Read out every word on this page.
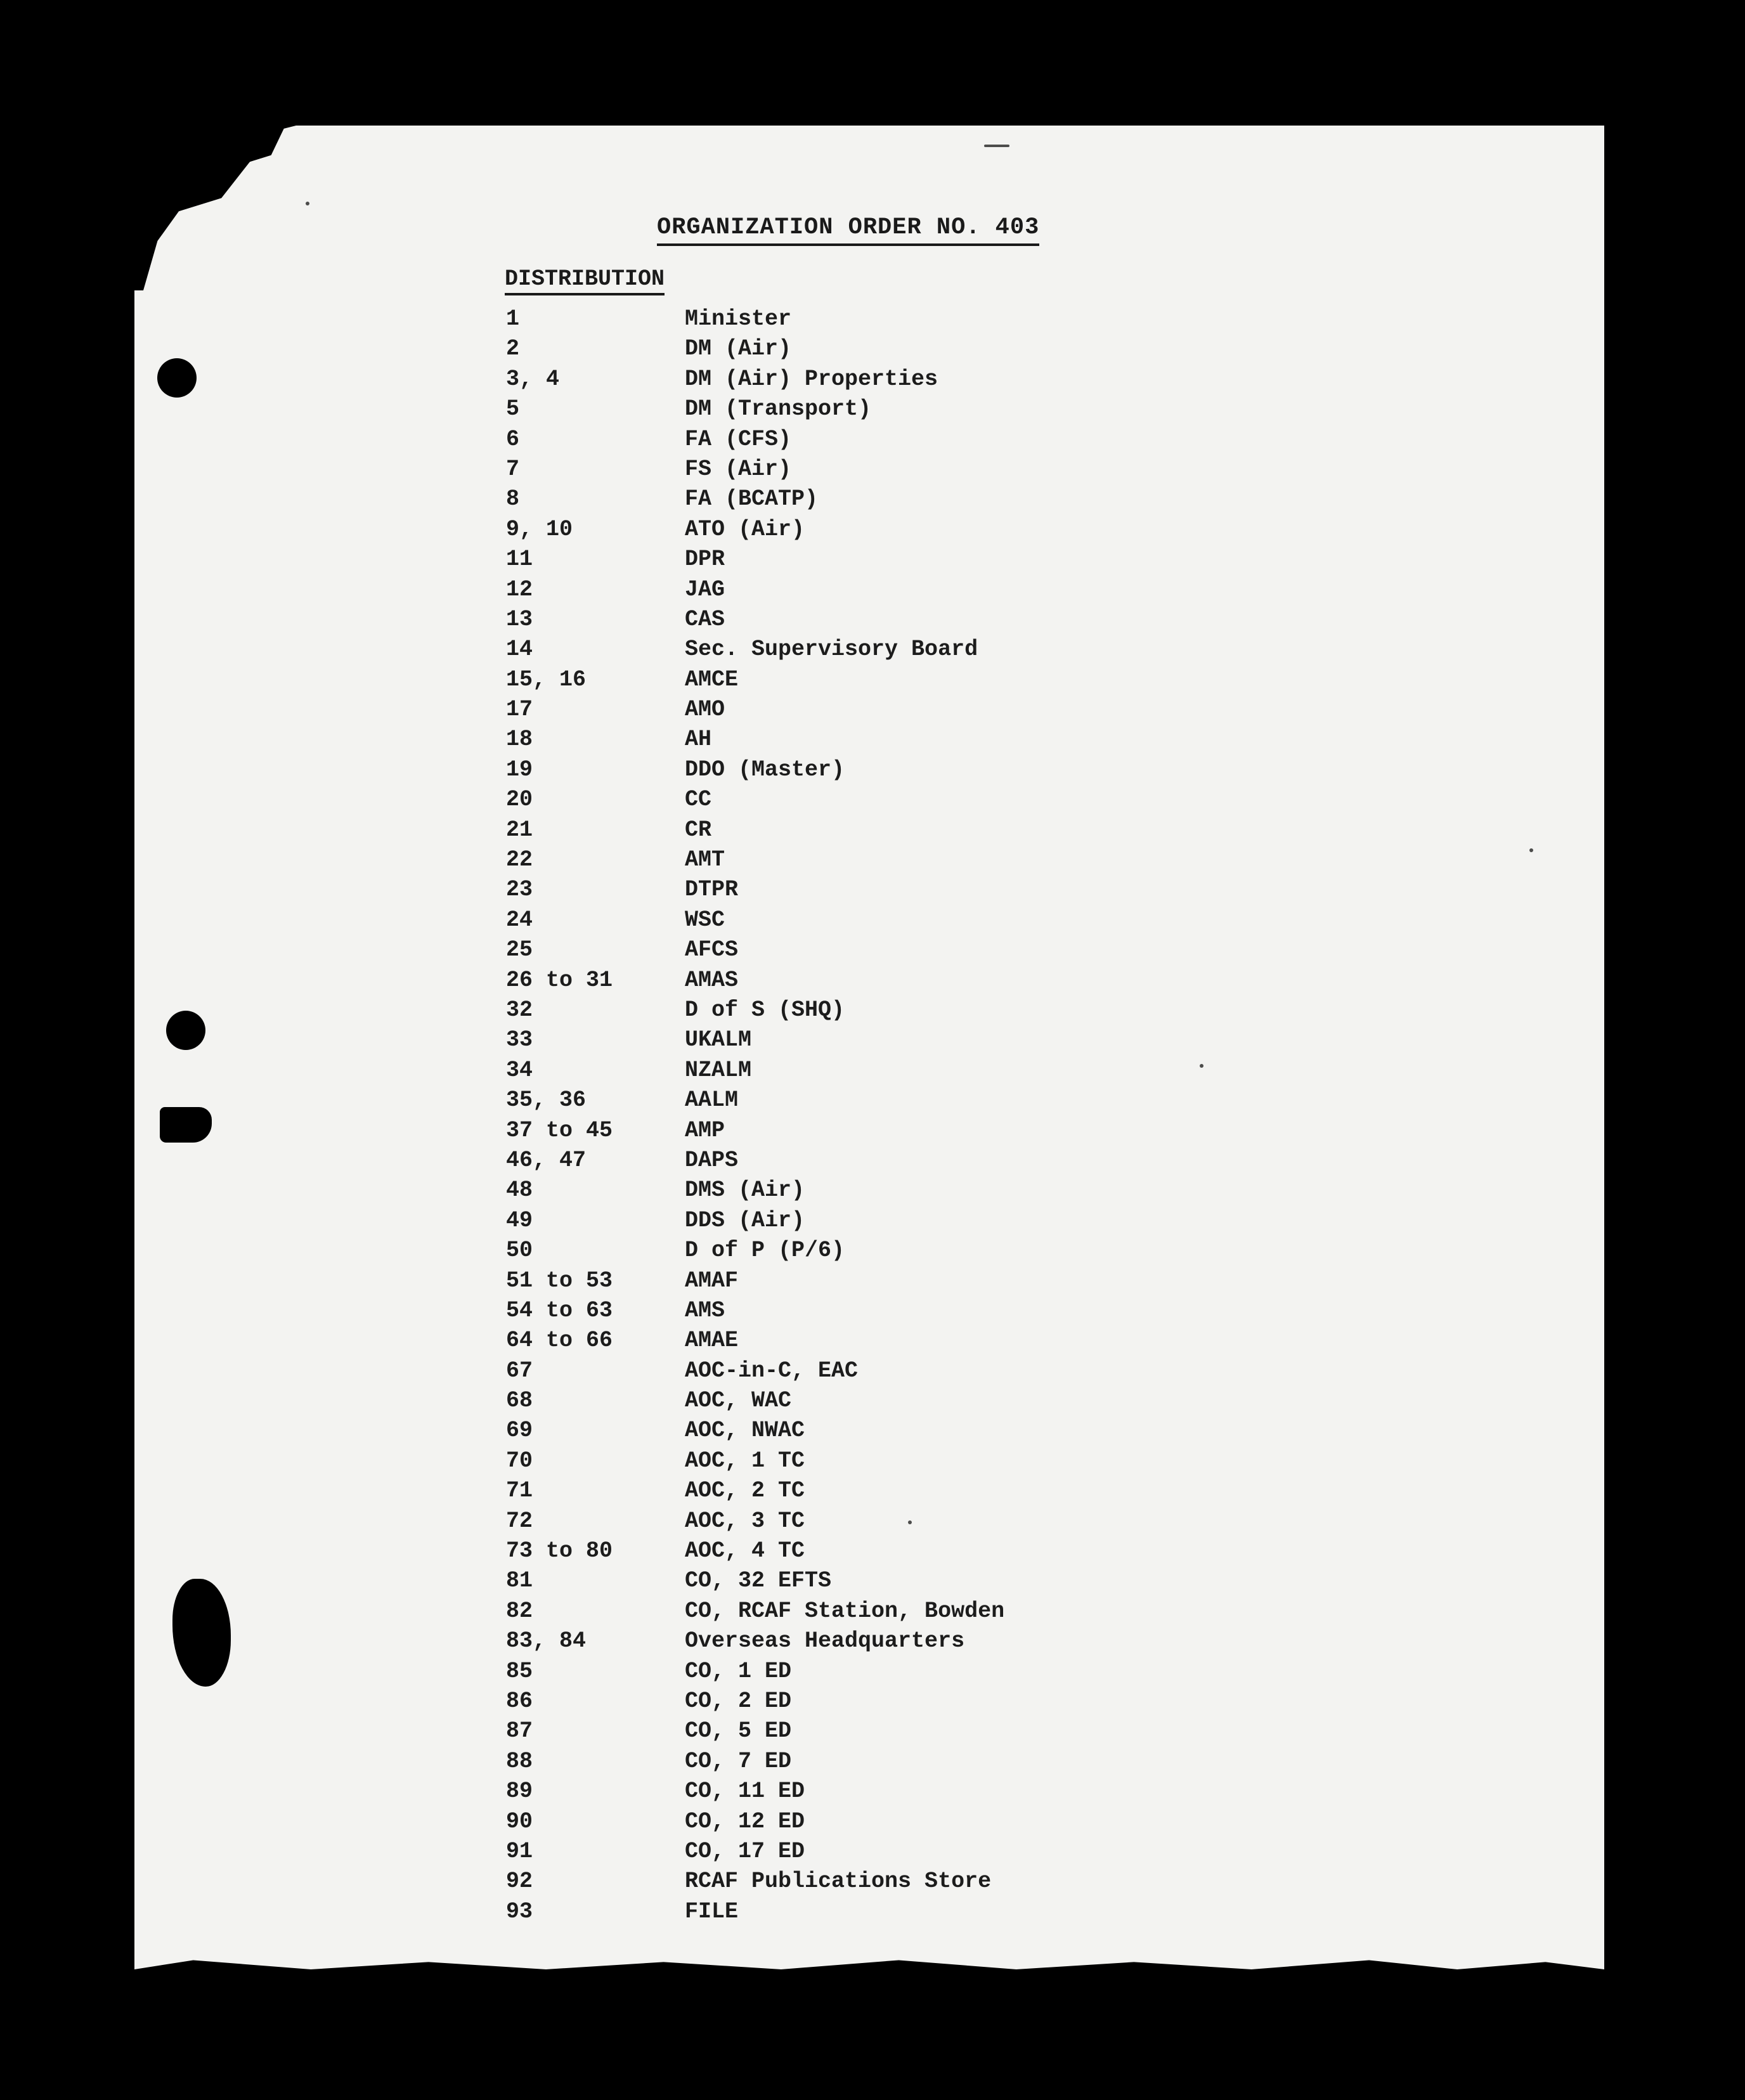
ORGANIZATION ORDER NO. 403
DISTRIBUTION
1	Minister
2	DM (Air)
3, 4	DM (Air) Properties
5	DM (Transport)
6	FA (CFS)
7	FS (Air)
8	FA (BCATP)
9, 10	ATO (Air)
11	DPR
12	JAG
13	CAS
14	Sec. Supervisory Board
15, 16	AMCE
17	AMO
18	AH
19	DDO (Master)
20	CC
21	CR
22	AMT
23	DTPR
24	WSC
25	AFCS
26 to 31	AMAS
32	D of S (SHQ)
33	UKALM
34	NZALM
35, 36	AALM
37 to 45	AMP
46, 47	DAPS
48	DMS (Air)
49	DDS (Air)
50	D of P (P/6)
51 to 53	AMAF
54 to 63	AMS
64 to 66	AMAE
67	AOC-in-C, EAC
68	AOC, WAC
69	AOC, NWAC
70	AOC, 1 TC
71	AOC, 2 TC
72	AOC, 3 TC
73 to 80	AOC, 4 TC
81	CO, 32 EFTS
82	CO, RCAF Station, Bowden
83, 84	Overseas Headquarters
85	CO, 1 ED
86	CO, 2 ED
87	CO, 5 ED
88	CO, 7 ED
89	CO, 11 ED
90	CO, 12 ED
91	CO, 17 ED
92	RCAF Publications Store
93	FILE
